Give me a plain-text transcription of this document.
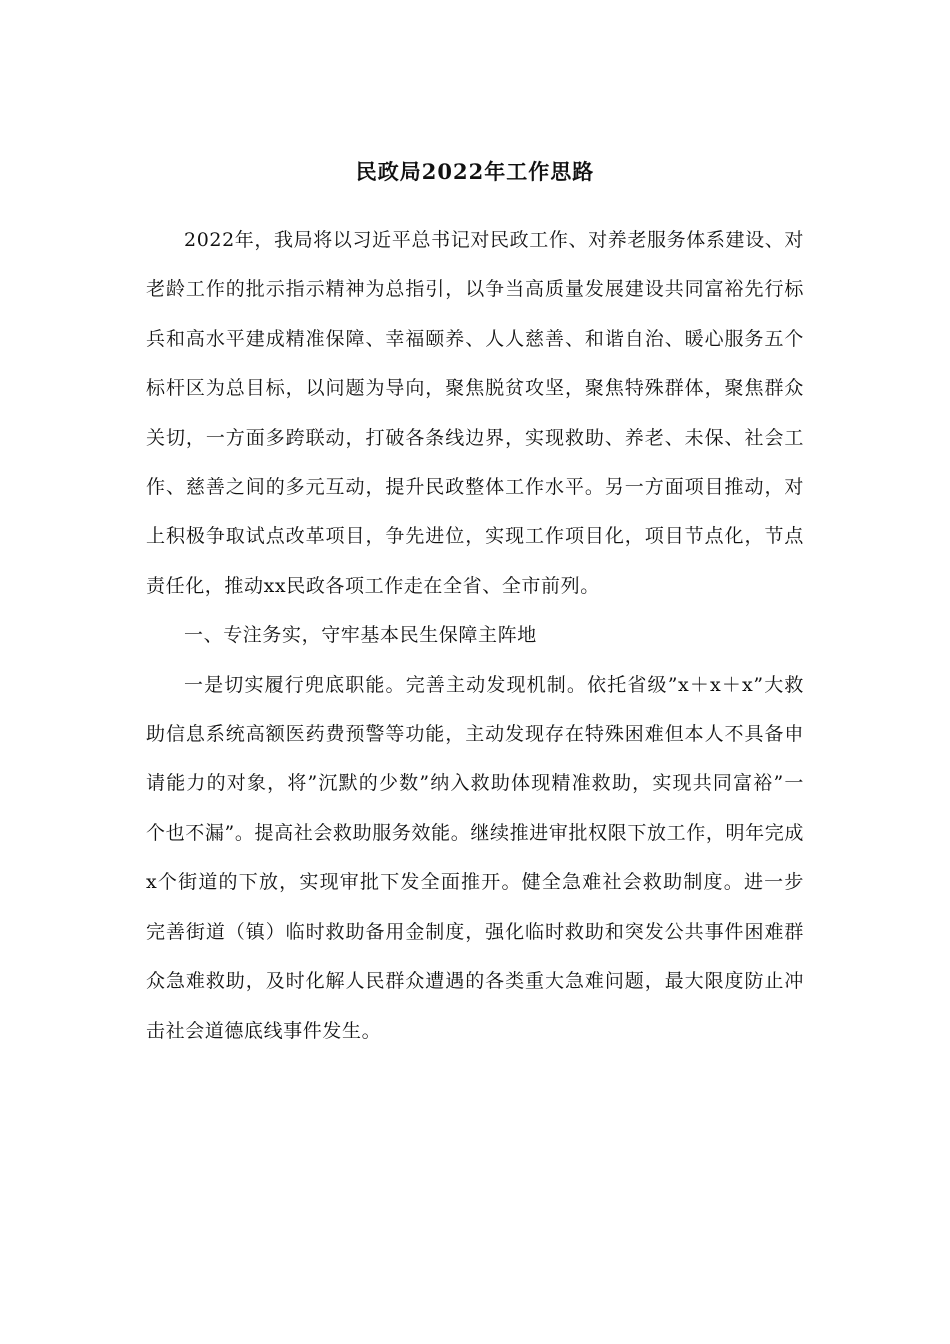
民政局2022年工作思路

2022年，我局将以习近平总书记对民政工作、对养老服务体系建设、对老龄工作的批示指示精神为总指引，以争当高质量发展建设共同富裕先行标兵和高水平建成精准保障、幸福颐养、人人慈善、和谐自治、暖心服务五个标杆区为总目标，以问题为导向，聚焦脱贫攻坚，聚焦特殊群体，聚焦群众关切，一方面多跨联动，打破各条线边界，实现救助、养老、未保、社会工作、慈善之间的多元互动，提升民政整体工作水平。另一方面项目推动，对上积极争取试点改革项目，争先进位，实现工作项目化，项目节点化，节点责任化，推动xx民政各项工作走在全省、全市前列。

一、专注务实，守牢基本民生保障主阵地

一是切实履行兜底职能。完善主动发现机制。依托省级”x＋x＋x”大救助信息系统高额医药费预警等功能，主动发现存在特殊困难但本人不具备申请能力的对象，将”沉默的少数”纳入救助体现精准救助，实现共同富裕”一个也不漏”。提高社会救助服务效能。继续推进审批权限下放工作，明年完成x个街道的下放，实现审批下发全面推开。健全急难社会救助制度。进一步完善街道（镇）临时救助备用金制度，强化临时救助和突发公共事件困难群众急难救助，及时化解人民群众遭遇的各类重大急难问题，最大限度防止冲击社会道德底线事件发生。
